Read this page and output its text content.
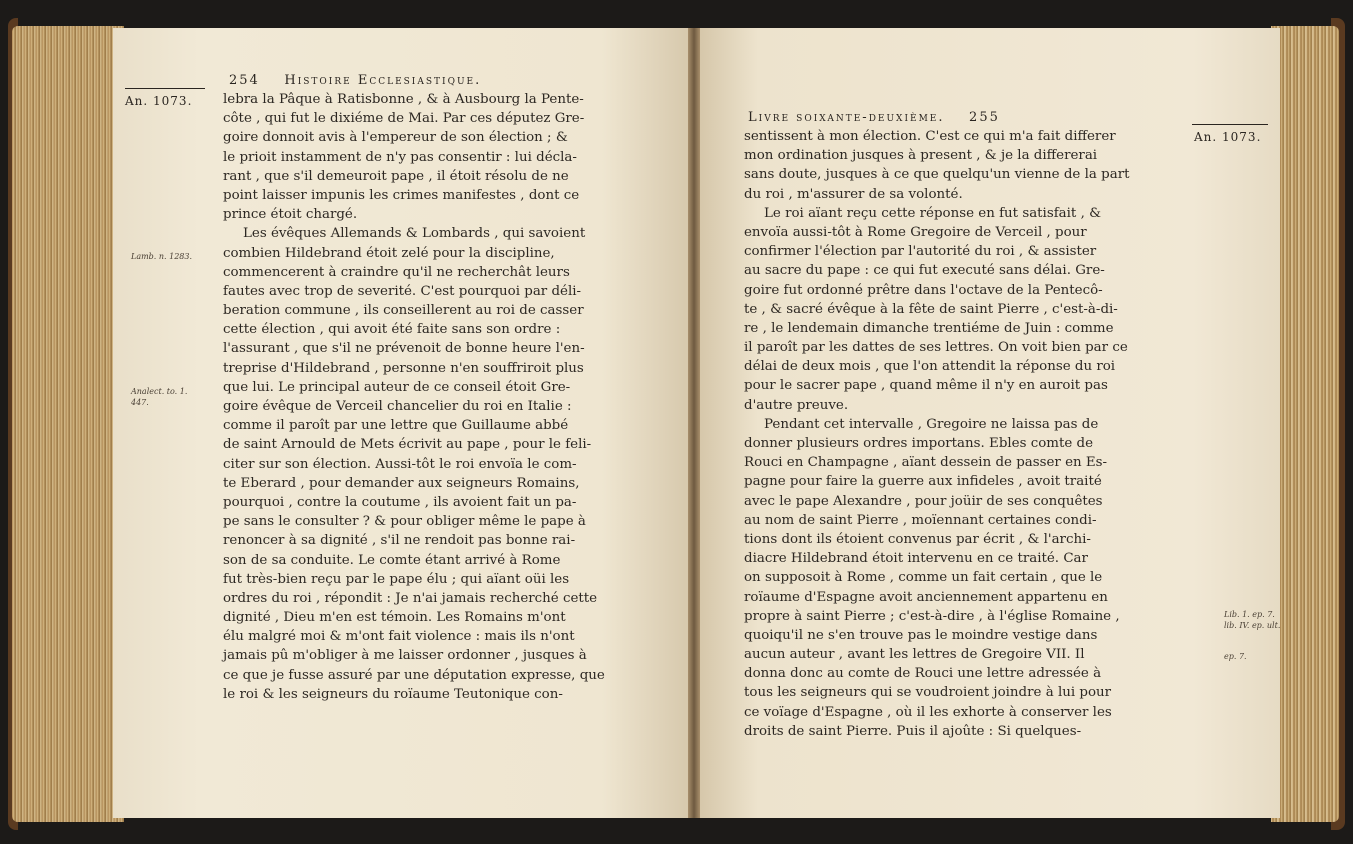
An. 1073.
254 Histoire Ecclesiastique.
Lamb. n. 1283.
Analect. to. 1.
447.
lebra la Pâque à Ratisbonne , & à Ausbourg la Pente-
côte , qui fut le dixiéme de Mai. Par ces députez Gre-
goire donnoit avis à l'empereur de son élection ; &
le prioit instamment de n'y pas consentir : lui décla-
rant , que s'il demeuroit pape , il étoit résolu de ne
point laisser impunis les crimes manifestes , dont ce
prince étoit chargé.
Les évêques Allemands & Lombards , qui savoient
combien Hildebrand étoit zelé pour la discipline,
commencerent à craindre qu'il ne recherchât leurs
fautes avec trop de severité. C'est pourquoi par déli-
beration commune , ils conseillerent au roi de casser
cette élection , qui avoit été faite sans son ordre :
l'assurant , que s'il ne prévenoit de bonne heure l'en-
treprise d'Hildebrand , personne n'en souffriroit plus
que lui. Le principal auteur de ce conseil étoit Gre-
goire évêque de Verceil chancelier du roi en Italie :
comme il paroît par une lettre que Guillaume abbé
de saint Arnould de Mets écrivit au pape , pour le feli-
citer sur son élection. Aussi-tôt le roi envoïa le com-
te Eberard , pour demander aux seigneurs Romains,
pourquoi , contre la coutume , ils avoient fait un pa-
pe sans le consulter ? & pour obliger même le pape à
renoncer à sa dignité , s'il ne rendoit pas bonne rai-
son de sa conduite. Le comte étant arrivé à Rome
fut très-bien reçu par le pape élu ; qui aïant oüi les
ordres du roi , répondit : Je n'ai jamais recherché cette
dignité , Dieu m'en est témoin. Les Romains m'ont
élu malgré moi & m'ont fait violence : mais ils n'ont
jamais pû m'obliger à me laisser ordonner , jusques à
ce que je fusse assuré par une députation expresse, que
le roi & les seigneurs du roïaume Teutonique con-
Livre soixante-deuxième. 255
An. 1073.
Lib. 1. ep. 7.
lib. IV. ep. ult.
ep. 7.
sentissent à mon élection. C'est ce qui m'a fait differer
mon ordination jusques à present , & je la differerai
sans doute, jusques à ce que quelqu'un vienne de la part
du roi , m'assurer de sa volonté.
Le roi aïant reçu cette réponse en fut satisfait , &
envoïa aussi-tôt à Rome Gregoire de Verceil , pour
confirmer l'élection par l'autorité du roi , & assister
au sacre du pape : ce qui fut executé sans délai. Gre-
goire fut ordonné prêtre dans l'octave de la Pentecô-
te , & sacré évêque à la fête de saint Pierre , c'est-à-di-
re , le lendemain dimanche trentiéme de Juin : comme
il paroît par les dattes de ses lettres. On voit bien par ce
délai de deux mois , que l'on attendit la réponse du roi
pour le sacrer pape , quand même il n'y en auroit pas
d'autre preuve.
Pendant cet intervalle , Gregoire ne laissa pas de
donner plusieurs ordres importans. Ebles comte de
Rouci en Champagne , aïant dessein de passer en Es-
pagne pour faire la guerre aux infideles , avoit traité
avec le pape Alexandre , pour joüir de ses conquêtes
au nom de saint Pierre , moïennant certaines condi-
tions dont ils étoient convenus par écrit , & l'archi-
diacre Hildebrand étoit intervenu en ce traité. Car
on supposoit à Rome , comme un fait certain , que le
roïaume d'Espagne avoit anciennement appartenu en
propre à saint Pierre ; c'est-à-dire , à l'église Romaine ,
quoiqu'il ne s'en trouve pas le moindre vestige dans
aucun auteur , avant les lettres de Gregoire VII. Il
donna donc au comte de Rouci une lettre adressée à
tous les seigneurs qui se voudroient joindre à lui pour
ce voïage d'Espagne , où il les exhorte à conserver les
droits de saint Pierre. Puis il ajoûte : Si quelques-
